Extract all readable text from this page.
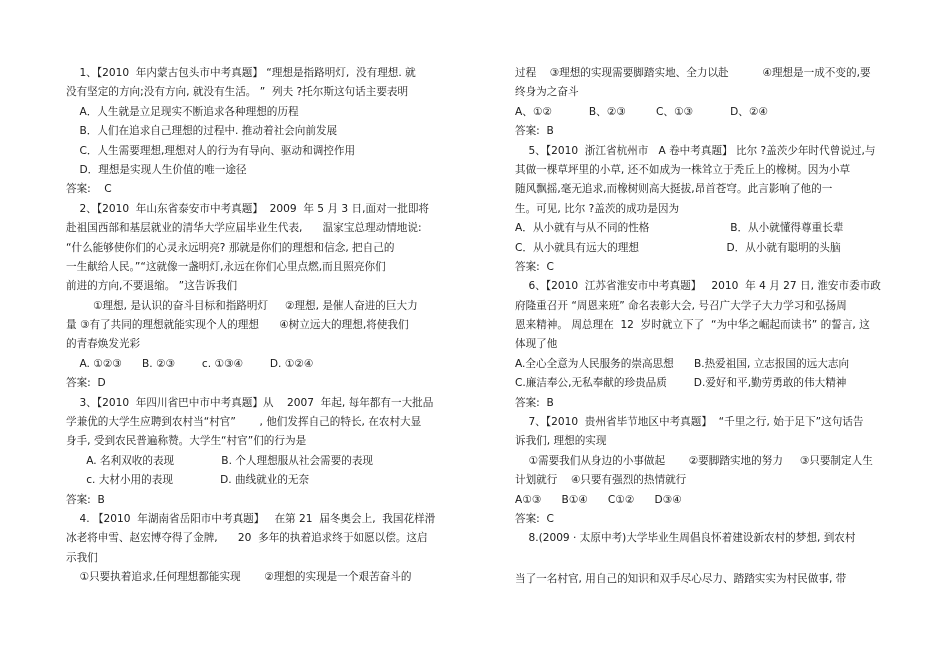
1、【2010  年内蒙古包头市中考真题】 “理想是指路明灯,  没有理想. 就
没有坚定的方向;没有方向, 就没有生活。 ”  列夫 ?托尔斯这句话主要表明
A．人生就是立足现实不断追求各种理想的历程
B．人们在追求自己理想的过程中. 推动着社会向前发展
C．人生需要理想,理想对人的行为有导向、驱动和调控作用
D．理想是实现人生价值的唯一途径
答案:    C
2、【2010  年山东省泰安市中考真题】  2009  年 5 月 3 日,面对一批即将
赴祖国西部和基层就业的清华大学应届毕业生代表,      温家宝总理动情地说:
“什么能够使你们的心灵永远明亮? 那就是你们的理想和信念, 把自己的
一生献给人民。”“这就像一盏明灯,永远在你们心里点燃,而且照亮你们
前进的方向,不要退缩。 ”这告诉我们
①理想, 是认识的奋斗目标和指路明灯     ②理想, 是催人奋进的巨大力
量 ③有了共同的理想就能实现个人的理想      ④树立远大的理想,将使我们
的青春焕发光彩
A. ①②③      B. ②③        c. ①③④        D. ①②④
答案:  D
3、【2010  年四川省巴中市中考真题】从    2007  年起, 每年都有一大批品
学兼优的大学生应聘到农村当“村官”       , 他们发挥自己的特长, 在农村大显
身手, 受到农民普遍称赞。大学生“村官”们的行为是
A. 名利双收的表现              B. 个人理想服从社会需要的表现
c. 大材小用的表现              D. 曲线就业的无奈
答案:  B
4. 【2010  年湖南省岳阳市中考真题】   在第 21  届冬奥会上,  我国花样滑
冰老将申雪、赵宏博夺得了金牌,      20  多年的执着追求终于如愿以偿。这启
示我们
①只要执着追求,任何理想都能实现       ②理想的实现是一个艰苦奋斗的
过程    ③理想的实现需要脚踏实地、全力以赴          ④理想是一成不变的,要
终身为之奋斗
A、①②           B、②③         C、①③           D、②④
答案:  B
5、【2010  浙江省杭州市   A 卷中考真题】 比尔 ?盖茨少年时代曾说过,与
其做一棵草坪里的小草, 还不如成为一株耸立于秃丘上的橡树。因为小草
随风飘摇,毫无追求,而橡树则高大挺拔,昂首苍穹。此言影响了他的一
生。可见, 比尔 ?盖茨的成功是因为
A．从小就有与从不同的性格                        B．从小就懂得尊重长辈
C．从小就具有远大的理想                          D．从小就有聪明的头脑
答案:  C
6、【2010  江苏省淮安市中考真题】   2010  年 4 月 27 日, 淮安市委市政
府隆重召开 “周恩来班” 命名表彰大会, 号召广大学子大力学习和弘扬周
恩来精神。 周总理在  12  岁时就立下了  “为中华之崛起而读书” 的誓言, 这
体现了他
A.全心全意为人民服务的崇高思想      B.热爱祖国, 立志报国的远大志向
C.廉洁奉公,无私奉献的珍贵品质        D.爱好和平,勤劳勇敢的伟大精神
答案:  B
7、【2010  贵州省毕节地区中考真题】  “千里之行, 始于足下”这句话告
诉我们, 理想的实现
①需要我们从身边的小事做起       ②要脚踏实地的努力     ③只要制定人生
计划就行    ④只要有强烈的热情就行
A①③      B①④      C①②      D③④
答案:  C
8.(2009 · 太原中考)大学毕业生周倡良怀着建设新农村的梦想, 到农村
当了一名村官, 用自己的知识和双手尽心尽力、踏踏实实为村民做事, 带
